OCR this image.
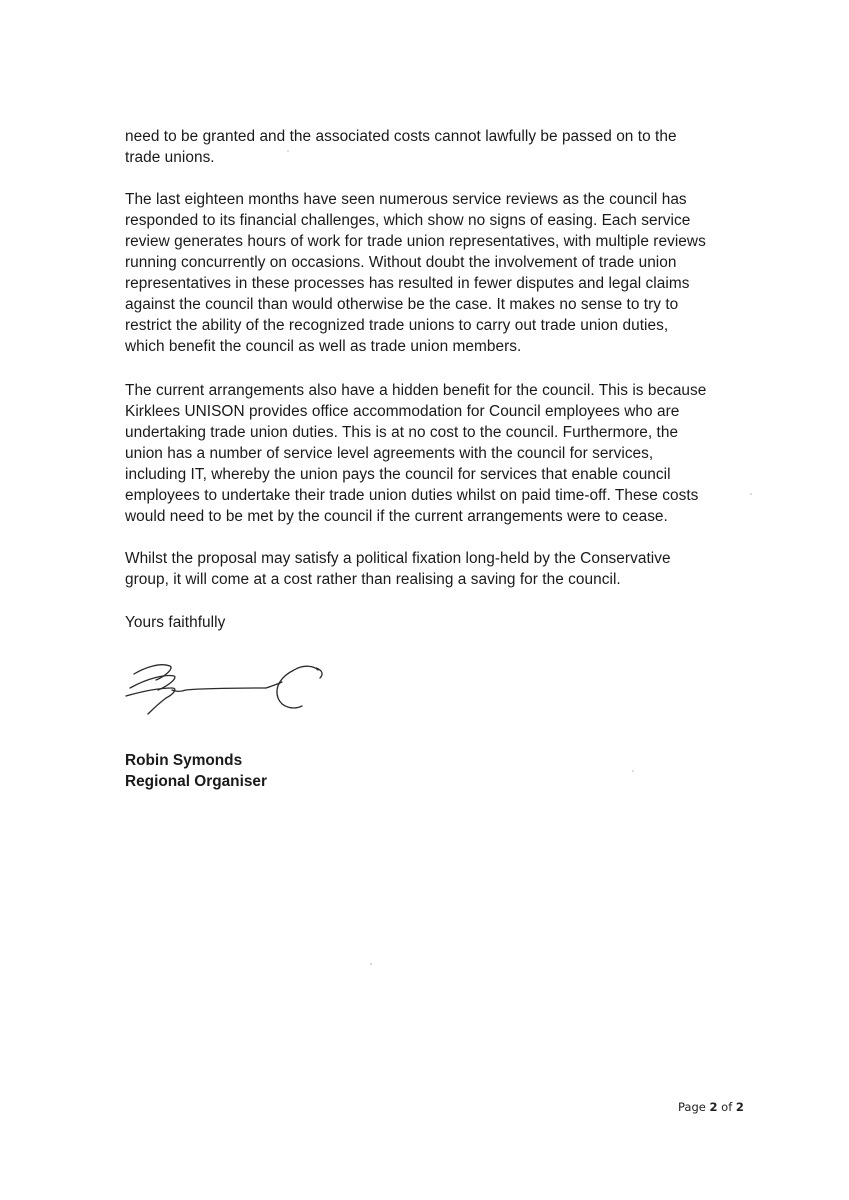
need to be granted and the associated costs cannot lawfully be passed on to the
trade unions.

The last eighteen months have seen numerous service reviews as the council has
responded to its financial challenges, which show no signs of easing. Each service
review generates hours of work for trade union representatives, with multiple reviews
running concurrently on occasions. Without doubt the involvement of trade union
representatives in these processes has resulted in fewer disputes and legal claims
against the council than would otherwise be the case. It makes no sense to try to
restrict the ability of the recognized trade unions to carry out trade union duties,
which benefit the council as well as trade union members.

The current arrangements also have a hidden benefit for the council. This is because
Kirklees UNISON provides office accommodation for Council employees who are
undertaking trade union duties. This is at no cost to the council. Furthermore, the
union has a number of service level agreements with the council for services,
including IT, whereby the union pays the council for services that enable council
employees to undertake their trade union duties whilst on paid time-off. These costs
would need to be met by the council if the current arrangements were to cease.

Whilst the proposal may satisfy a political fixation long-held by the Conservative
group, it will come at a cost rather than realising a saving for the council.

Yours faithfully

Robin Symonds
Regional Organiser
Page 2 of 2
